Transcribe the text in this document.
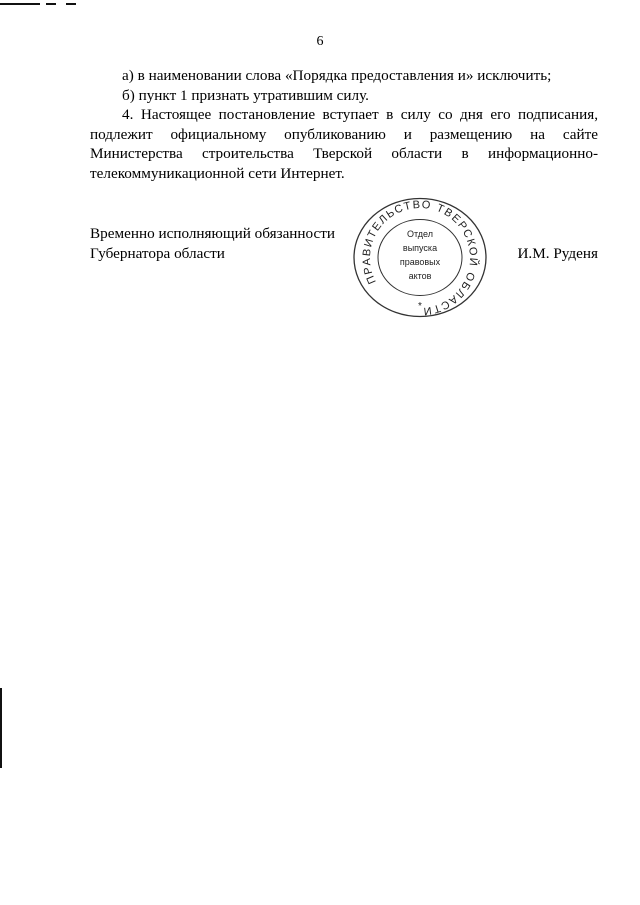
6

а) в наименовании слова «Порядка предоставления и» исключить;

б) пункт 1 признать утратившим силу.

4. Настоящее постановление вступает в силу со дня его подписания, подлежит официальному опубликованию и размещению на сайте Министерства строительства Тверской области в информационно-телекоммуникационной сети Интернет.

Временно исполняющий обязанности
Губернатора области	И.М. Руденя
ПРАВИТЕЛЬСТВО ТВЕРСКОЙ ОБЛАСТИ
Отдел
выпуска
правовых
актов
*
